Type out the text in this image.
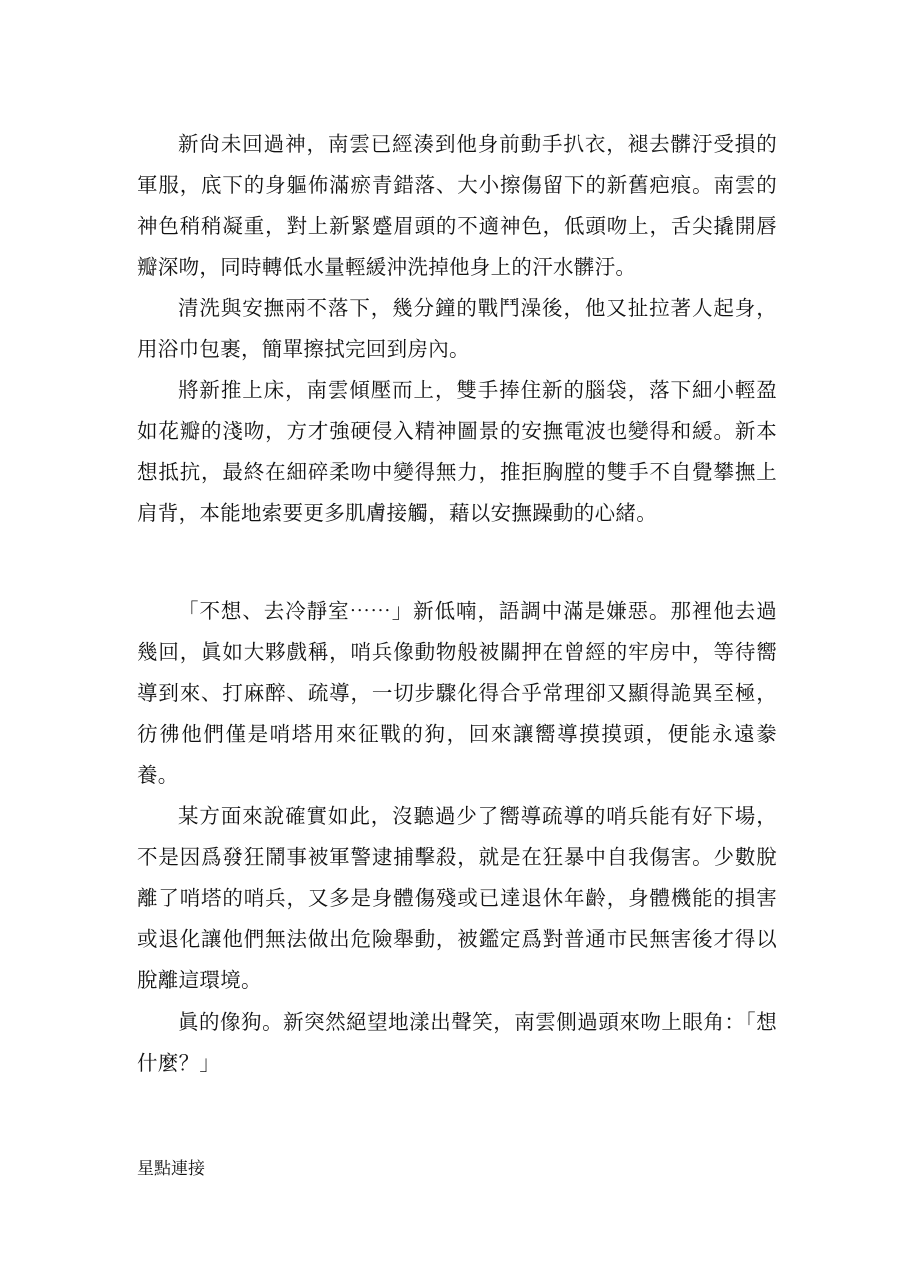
新尙未回過神，南雲已經湊到他身前動手扒衣，褪去髒汙受損的軍服，底下的身軀佈滿瘀青錯落、大小擦傷留下的新舊疤痕。南雲的神色稍稍凝重，對上新緊蹙眉頭的不適神色，低頭吻上，舌尖撬開唇瓣深吻，同時轉低水量輕緩沖洗掉他身上的汗水髒汙。

清洗與安撫兩不落下，幾分鐘的戰鬥澡後，他又扯拉著人起身，用浴巾包裹，簡單擦拭完回到房內。

將新推上床，南雲傾壓而上，雙手捧住新的腦袋，落下細小輕盈如花瓣的淺吻，方才強硬侵入精神圖景的安撫電波也變得和緩。新本想抵抗，最終在細碎柔吻中變得無力，推拒胸膛的雙手不自覺攀撫上肩背，本能地索要更多肌膚接觸，藉以安撫躁動的心緒。

「不想、去冷靜室⋯⋯」新低喃，語調中滿是嫌惡。那裡他去過幾回，眞如大夥戲稱，哨兵像動物般被關押在曾經的牢房中，等待嚮導到來、打麻醉、疏導，一切步驟化得合乎常理卻又顯得詭異至極，彷彿他們僅是哨塔用來征戰的狗，回來讓嚮導摸摸頭，便能永遠豢養。

某方面來說確實如此，沒聽過少了嚮導疏導的哨兵能有好下場，不是因爲發狂鬧事被軍警逮捕擊殺，就是在狂暴中自我傷害。少數脫離了哨塔的哨兵，又多是身體傷殘或已達退休年齡，身體機能的損害或退化讓他們無法做出危險舉動，被鑑定爲對普通市民無害後才得以脫離這環境。

眞的像狗。新突然絕望地漾出聲笑，南雲側過頭來吻上眼角：「想什麼？」

星點連接
